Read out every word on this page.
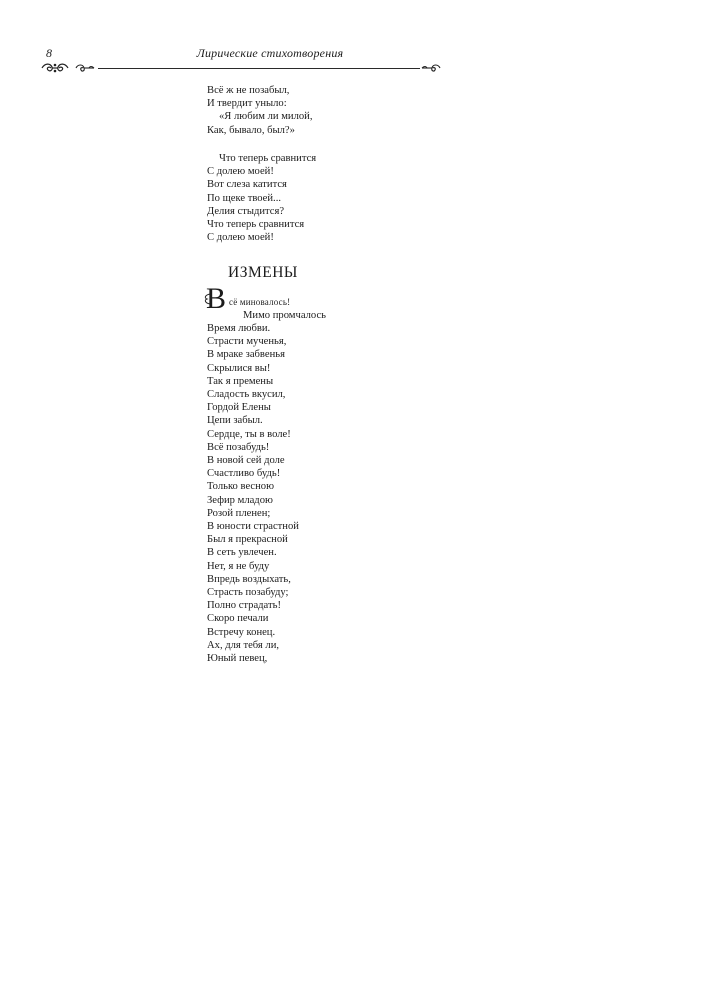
8	Лирические стихотворения
Всё ж не позабыл,
И твердит уныло:
«Я любим ли милой,
Как, бывало, был?»
Что теперь сравнится
С долею моей!
Вот слеза катится
По щеке твоей...
Делия стыдится?
Что теперь сравнится
С долею моей!
ИЗМЕНЫ
В сё миновалось!
Мимо промчалось
Время любви.
Страсти мученья,
В мраке забвенья
Скрылися вы!
Так я премены
Сладость вкусил,
Гордой Елены
Цепи забыл.
Сердце, ты в воле!
Всё позабудь!
В новой сей доле
Счастливо будь!
Только весною
Зефир младою
Розой пленен;
В юности страстной
Был я прекрасной
В сеть увлечен.
Нет, я не буду
Впредь воздыхать,
Страсть позабуду;
Полно страдать!
Скоро печали
Встречу конец.
Ах, для тебя ли,
Юный певец,
